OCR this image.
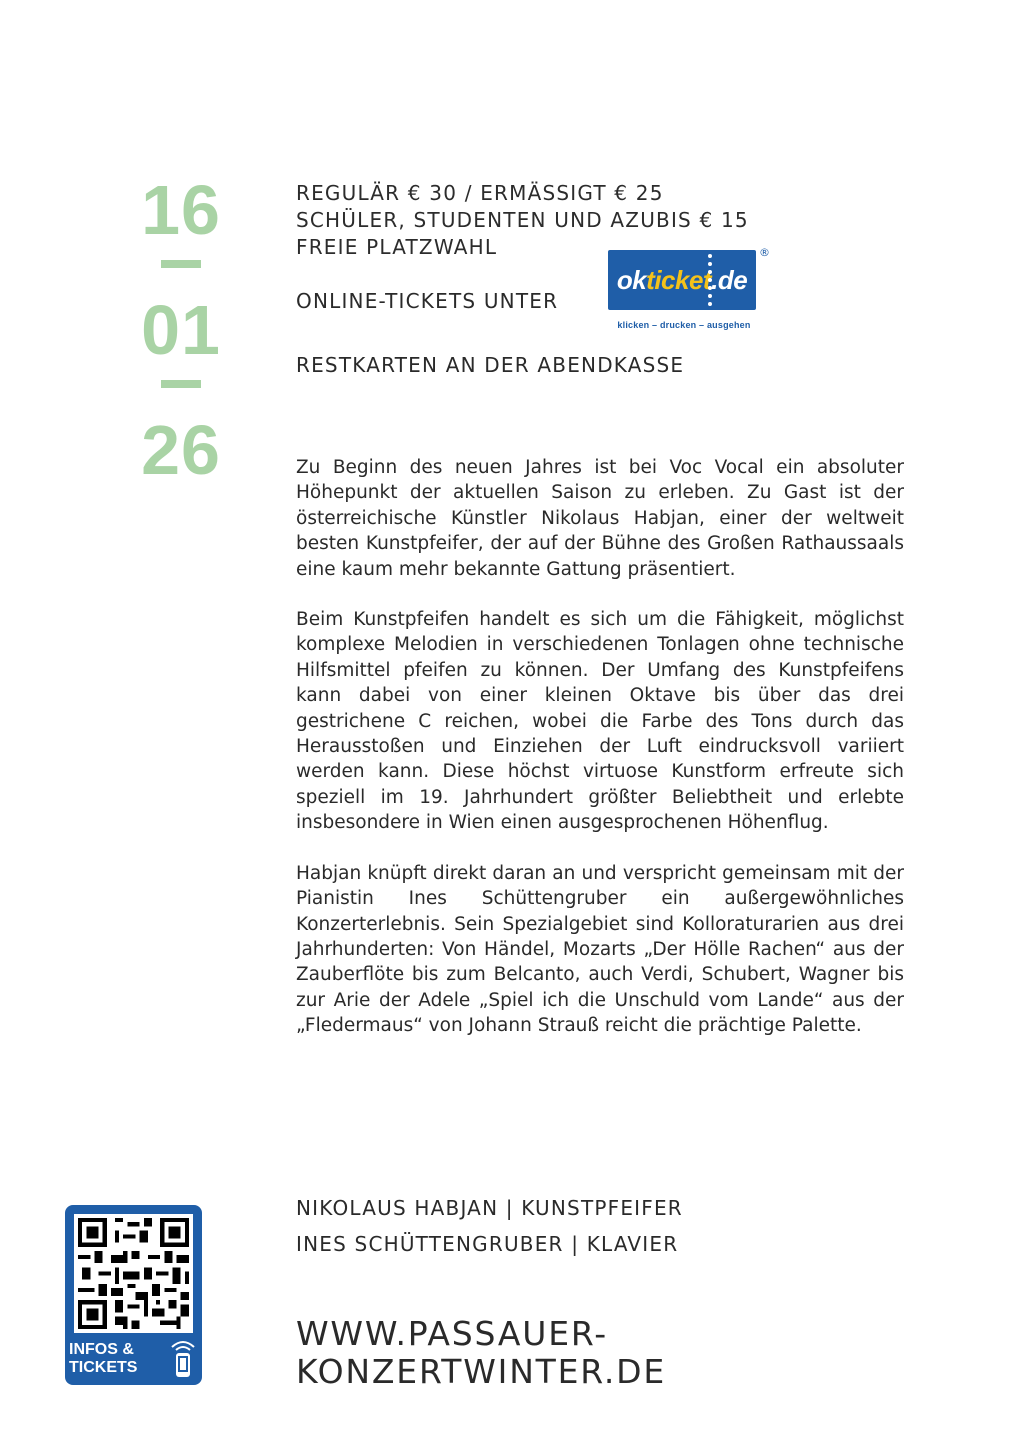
16
01
26
REGULÄR € 30 / ERMÄSSIGT € 25
SCHÜLER, STUDENTEN UND AZUBIS € 15
FREIE PLATZWAHL
ONLINE-TICKETS UNTER
okticket.de
®
klicken – drucken – ausgehen
RESTKARTEN AN DER ABENDKASSE

Zu Beginn des neuen Jahres ist bei Voc Vocal ein absoluter Höhepunkt der aktuellen Saison zu erleben. Zu Gast ist der österreichische Künstler Nikolaus Habjan, einer der weltweit besten Kunstpfeifer, der auf der Bühne des Großen Rathaussaals eine kaum mehr bekannte Gattung präsentiert.

Beim Kunstpfeifen handelt es sich um die Fähigkeit, möglichst komplexe Melodien in verschiedenen Tonlagen ohne technische Hilfsmittel pfeifen zu können. Der Umfang des Kunstpfeifens kann dabei von einer kleinen Oktave bis über das drei gestrichene C reichen, wobei die Farbe des Tons durch das Herausstoßen und Einziehen der Luft eindrucksvoll variiert werden kann. Diese höchst virtuose Kunstform erfreute sich speziell im 19. Jahrhundert größter Beliebtheit und erlebte insbesondere in Wien einen ausgesprochenen Höhenflug.

Habjan knüpft direkt daran an und verspricht gemeinsam mit der Pianistin Ines Schüttengruber ein außergewöhnliches Konzerterlebnis. Sein Spezialgebiet sind Kolloraturarien aus drei Jahrhunderten: Von Händel, Mozarts „Der Hölle Rachen“ aus der Zauberflöte bis zum Belcanto, auch Verdi, Schubert, Wagner bis zur Arie der Adele „Spiel ich die Unschuld vom Lande“ aus der „Fledermaus“ von Johann Strauß reicht die prächtige Palette.

NIKOLAUS HABJAN | KUNSTPFEIFER
INES SCHÜTTENGRUBER | KLAVIER
WWW.PASSAUER-
KONZERTWINTER.DE
INFOS &
TICKETS
